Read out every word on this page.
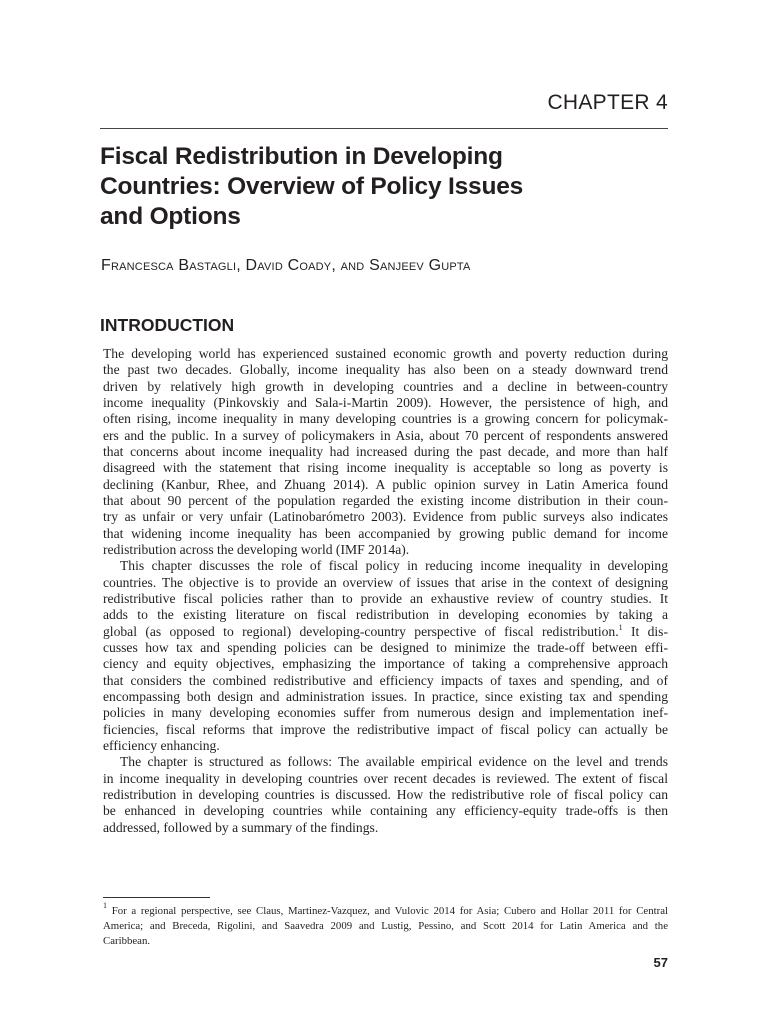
CHAPTER 4
Fiscal Redistribution in Developing
Countries: Overview of Policy Issues
and Options
Francesca Bastagli, David Coady, and Sanjeev Gupta
INTRODUCTION
The developing world has experienced sustained economic growth and poverty reduction during
the past two decades. Globally, income inequality has also been on a steady downward trend
driven by relatively high growth in developing countries and a decline in between-country
income inequality (Pinkovskiy and Sala-i-Martin 2009). However, the persistence of high, and
often rising, income inequality in many developing countries is a growing concern for policymak-
ers and the public. In a survey of policymakers in Asia, about 70 percent of respondents answered
that concerns about income inequality had increased during the past decade, and more than half
disagreed with the statement that rising income inequality is acceptable so long as poverty is
declining (Kanbur, Rhee, and Zhuang 2014). A public opinion survey in Latin America found
that about 90 percent of the population regarded the existing income distribution in their coun-
try as unfair or very unfair (Latinobarómetro 2003). Evidence from public surveys also indicates
that widening income inequality has been accompanied by growing public demand for income
redistribution across the developing world (IMF 2014a).
This chapter discusses the role of fiscal policy in reducing income inequality in developing
countries. The objective is to provide an overview of issues that arise in the context of designing
redistributive fiscal policies rather than to provide an exhaustive review of country studies. It
adds to the existing literature on fiscal redistribution in developing economies by taking a
global (as opposed to regional) developing-country perspective of fiscal redistribution.$^1$ It dis-
cusses how tax and spending policies can be designed to minimize the trade-off between effi-
ciency and equity objectives, emphasizing the importance of taking a comprehensive approach
that considers the combined redistributive and efficiency impacts of taxes and spending, and of
encompassing both design and administration issues. In practice, since existing tax and spending
policies in many developing economies suffer from numerous design and implementation inef-
ficiencies, fiscal reforms that improve the redistributive impact of fiscal policy can actually be
efficiency enhancing.
The chapter is structured as follows: The available empirical evidence on the level and trends
in income inequality in developing countries over recent decades is reviewed. The extent of fiscal
redistribution in developing countries is discussed. How the redistributive role of fiscal policy can
be enhanced in developing countries while containing any efficiency-equity trade-offs is then
addressed, followed by a summary of the findings.
$^1$ For a regional perspective, see Claus, Martinez-Vazquez, and Vulovic 2014 for Asia; Cubero and Hollar 2011 for Central
America; and Breceda, Rigolini, and Saavedra 2009 and Lustig, Pessino, and Scott 2014 for Latin America and the
Caribbean.
57
